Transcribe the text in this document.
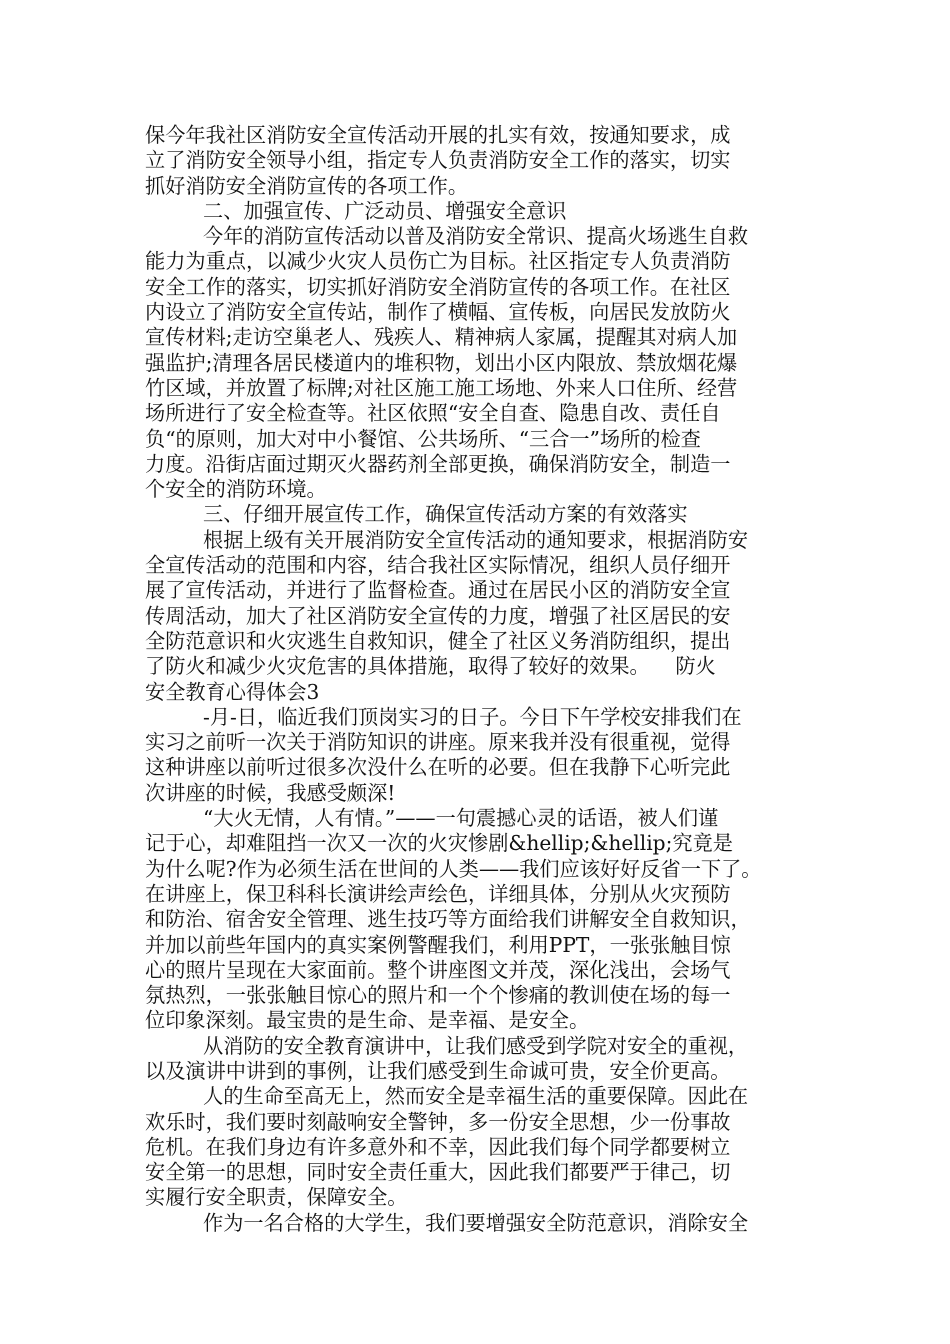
保今年我社区消防安全宣传活动开展的扎实有效，按通知要求，成
立了消防安全领导小组，指定专人负责消防安全工作的落实，切实
抓好消防安全消防宣传的各项工作。
二、加强宣传、广泛动员、增强安全意识
今年的消防宣传活动以普及消防安全常识、提高火场逃生自救
能力为重点，以减少火灾人员伤亡为目标。社区指定专人负责消防
安全工作的落实，切实抓好消防安全消防宣传的各项工作。在社区
内设立了消防安全宣传站，制作了横幅、宣传板，向居民发放防火
宣传材料;走访空巢老人、残疾人、精神病人家属，提醒其对病人加
强监护;清理各居民楼道内的堆积物，划出小区内限放、禁放烟花爆
竹区域，并放置了标牌;对社区施工施工场地、外来人口住所、经营
场所进行了安全检查等。社区依照“安全自查、隐患自改、责任自
负“的原则，加大对中小餐馆、公共场所、“三合一”场所的检查
力度。沿街店面过期灭火器药剂全部更换，确保消防安全，制造一
个安全的消防环境。
三、仔细开展宣传工作，确保宣传活动方案的有效落实
根据上级有关开展消防安全宣传活动的通知要求，根据消防安
全宣传活动的范围和内容，结合我社区实际情况，组织人员仔细开
展了宣传活动，并进行了监督检查。通过在居民小区的消防安全宣
传周活动，加大了社区消防安全宣传的力度，增强了社区居民的安
全防范意识和火灾逃生自救知识，健全了社区义务消防组织，提出
了防火和减少火灾危害的具体措施，取得了较好的效果。    防火
安全教育心得体会3
-月-日，临近我们顶岗实习的日子。今日下午学校安排我们在
实习之前听一次关于消防知识的讲座。原来我并没有很重视，觉得
这种讲座以前听过很多次没什么在听的必要。但在我静下心听完此
次讲座的时候，我感受颇深!
“大火无情，人有情。”——一句震撼心灵的话语，被人们谨
记于心，却难阻挡一次又一次的火灾惨剧&hellip;&hellip;究竟是
为什么呢?作为必须生活在世间的人类——我们应该好好反省一下了。
在讲座上，保卫科科长演讲绘声绘色，详细具体，分别从火灾预防
和防治、宿舍安全管理、逃生技巧等方面给我们讲解安全自救知识，
并加以前些年国内的真实案例警醒我们，利用PPT，一张张触目惊
心的照片呈现在大家面前。整个讲座图文并茂，深化浅出，会场气
氛热烈，一张张触目惊心的照片和一个个惨痛的教训使在场的每一
位印象深刻。最宝贵的是生命、是幸福、是安全。
从消防的安全教育演讲中，让我们感受到学院对安全的重视，
以及演讲中讲到的事例，让我们感受到生命诚可贵，安全价更高。
人的生命至高无上，然而安全是幸福生活的重要保障。因此在
欢乐时，我们要时刻敲响安全警钟，多一份安全思想，少一份事故
危机。在我们身边有许多意外和不幸，因此我们每个同学都要树立
安全第一的思想，同时安全责任重大，因此我们都要严于律己，切
实履行安全职责，保障安全。
作为一名合格的大学生，我们要增强安全防范意识，消除安全
